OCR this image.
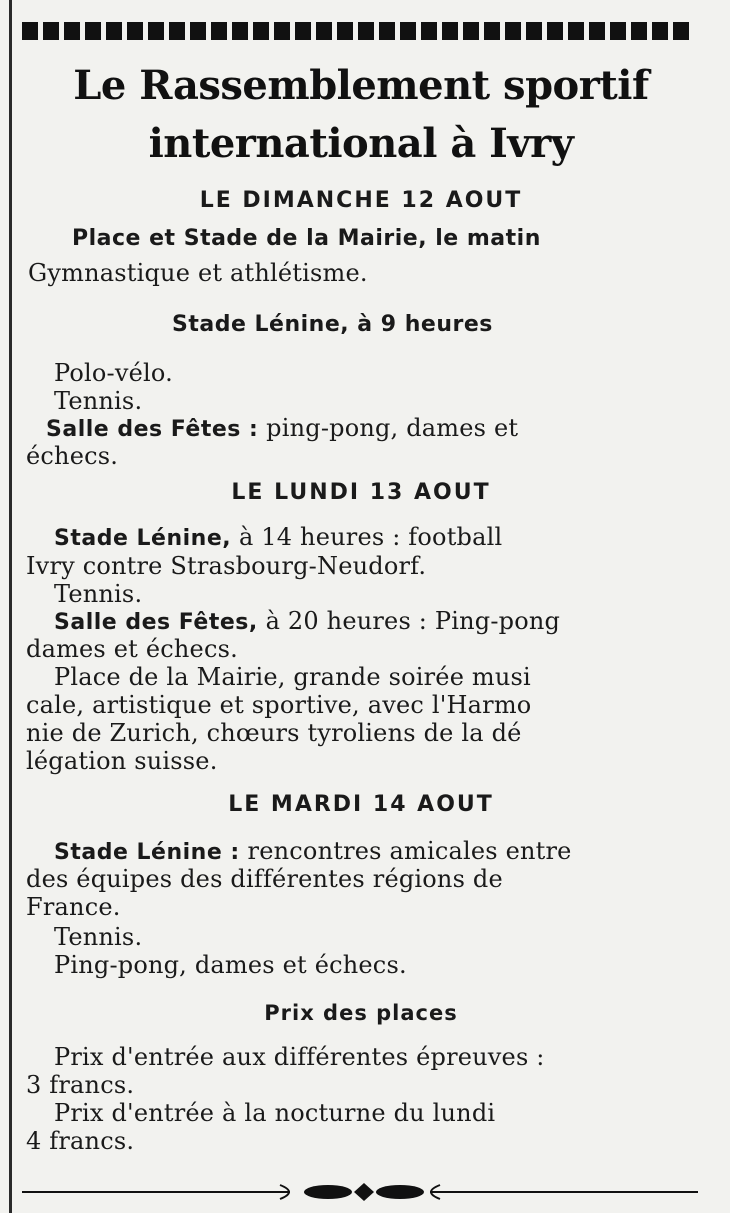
Le Rassemblement sportif
international à Ivry
LE DIMANCHE 12 AOUT
Place et Stade de la Mairie, le matin
Gymnastique et athlétisme.
Stade Lénine, à 9 heures
Polo-vélo.
Tennis.
Salle des Fêtes : ping-pong, dames et
échecs.
LE LUNDI 13 AOUT
Stade Lénine, à 14 heures : football
Ivry contre Strasbourg-Neudorf.
Tennis.
Salle des Fêtes, à 20 heures : Ping-pong
dames et échecs.
Place de la Mairie, grande soirée musi
cale, artistique et sportive, avec l'Harmo
nie de Zurich, chœurs tyroliens de la dé
légation suisse.
LE MARDI 14 AOUT
Stade Lénine : rencontres amicales entre
des équipes des différentes régions de
France.
Tennis.
Ping-pong, dames et échecs.
Prix des places
Prix d'entrée aux différentes épreuves :
3 francs.
Prix d'entrée à la nocturne du lundi
4 francs.
